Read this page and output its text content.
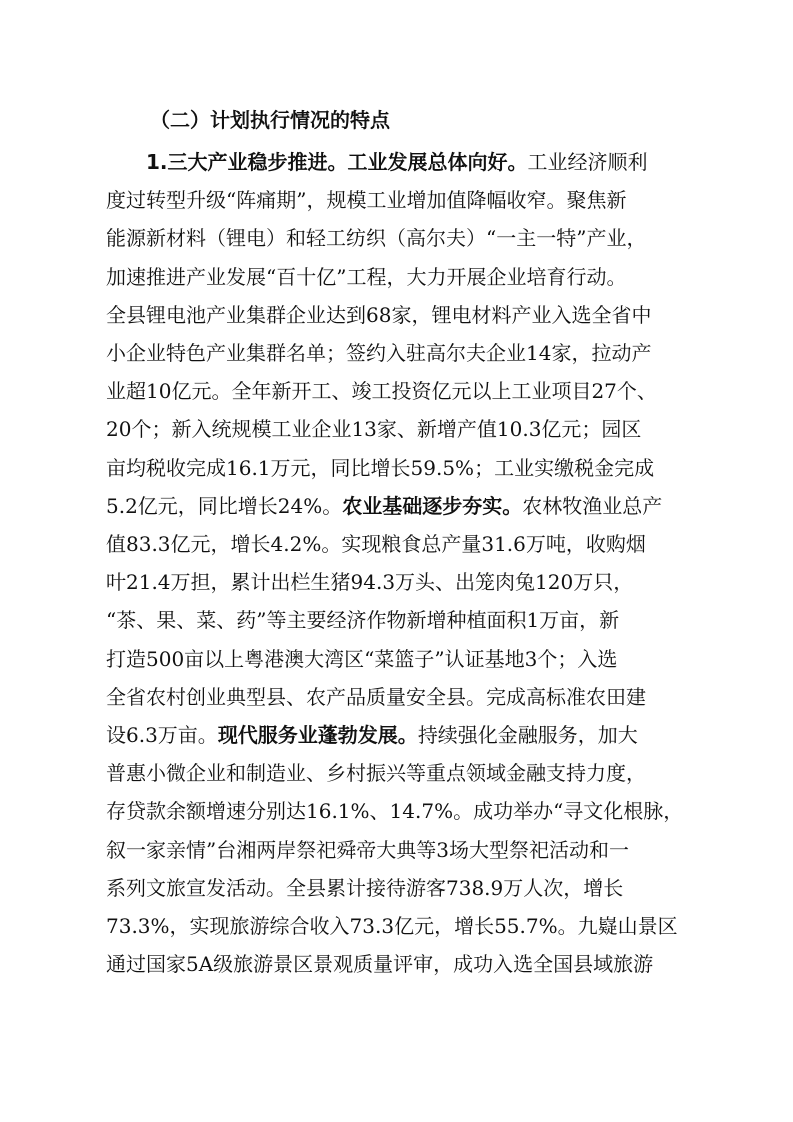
（二）计划执行情况的特点

1.三大产业稳步推进。工业发展总体向好。工业经济顺利

度过转型升级“阵痛期”，规模工业增加值降幅收窄。聚焦新

能源新材料（锂电）和轻工纺织（高尔夫）“一主一特”产业，

加速推进产业发展“百十亿”工程，大力开展企业培育行动。

全县锂电池产业集群企业达到68家，锂电材料产业入选全省中

小企业特色产业集群名单；签约入驻高尔夫企业14家，拉动产

业超10亿元。全年新开工、竣工投资亿元以上工业项目27个、

20个；新入统规模工业企业13家、新增产值10.3亿元；园区

亩均税收完成16.1万元，同比增长59.5%；工业实缴税金完成

5.2亿元，同比增长24%。农业基础逐步夯实。农林牧渔业总产

值83.3亿元，增长4.2%。实现粮食总产量31.6万吨，收购烟

叶21.4万担，累计出栏生猪94.3万头、出笼肉兔120万只，

“茶、果、菜、药”等主要经济作物新增种植面积1万亩，新

打造500亩以上粤港澳大湾区“菜篮子”认证基地3个；入选

全省农村创业典型县、农产品质量安全县。完成高标准农田建

设6.3万亩。现代服务业蓬勃发展。持续强化金融服务，加大

普惠小微企业和制造业、乡村振兴等重点领域金融支持力度，

存贷款余额增速分别达16.1%、14.7%。成功举办“寻文化根脉，

叙一家亲情”台湘两岸祭祀舜帝大典等3场大型祭祀活动和一

系列文旅宣发活动。全县累计接待游客738.9万人次，增长

73.3%，实现旅游综合收入73.3亿元，增长55.7%。九嶷山景区

通过国家5A级旅游景区景观质量评审，成功入选全国县域旅游
